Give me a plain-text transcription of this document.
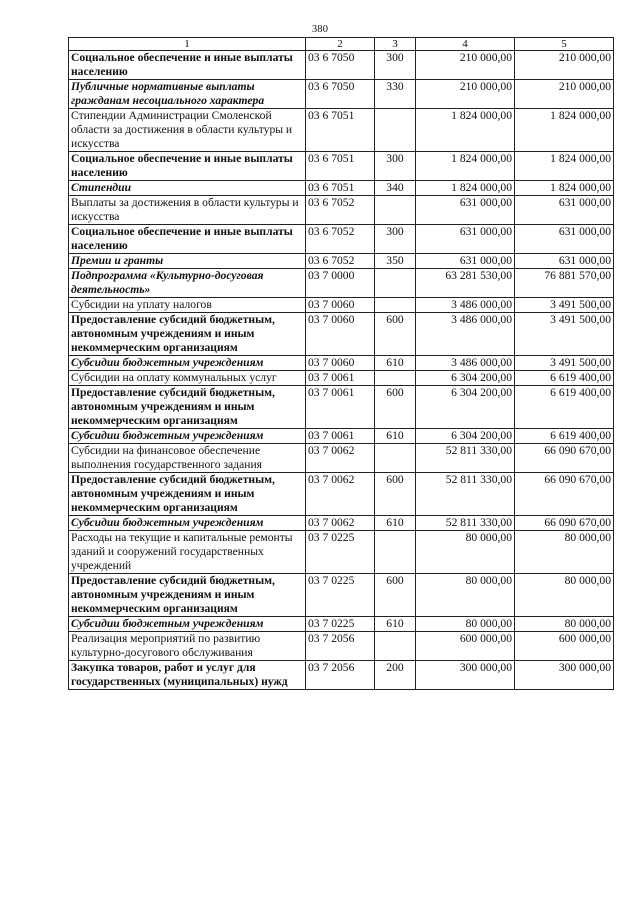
380
1	2	3	4	5
Социальное обеспечение и иные выплаты населению	03 6 7050	300	210 000,00	210 000,00
Публичные нормативные выплаты гражданам несоциального характера	03 6 7050	330	210 000,00	210 000,00
Стипендии Администрации Смоленской области за достижения в области культуры и искусства	03 6 7051		1 824 000,00	1 824 000,00
Социальное обеспечение и иные выплаты населению	03 6 7051	300	1 824 000,00	1 824 000,00
Стипендии	03 6 7051	340	1 824 000,00	1 824 000,00
Выплаты за достижения в области культуры и искусства	03 6 7052		631 000,00	631 000,00
Социальное обеспечение и иные выплаты населению	03 6 7052	300	631 000,00	631 000,00
Премии и гранты	03 6 7052	350	631 000,00	631 000,00
Подпрограмма «Культурно-досуговая деятельность»	03 7 0000		63 281 530,00	76 881 570,00
Субсидии на уплату налогов	03 7 0060		3 486 000,00	3 491 500,00
Предоставление субсидий бюджетным, автономным учреждениям и иным некоммерческим организациям	03 7 0060	600	3 486 000,00	3 491 500,00
Субсидии бюджетным учреждениям	03 7 0060	610	3 486 000,00	3 491 500,00
Субсидии на оплату коммунальных услуг	03 7 0061		6 304 200,00	6 619 400,00
Предоставление субсидий бюджетным, автономным учреждениям и иным некоммерческим организациям	03 7 0061	600	6 304 200,00	6 619 400,00
Субсидии бюджетным учреждениям	03 7 0061	610	6 304 200,00	6 619 400,00
Субсидии на финансовое обеспечение выполнения государственного задания	03 7 0062		52 811 330,00	66 090 670,00
Предоставление субсидий бюджетным, автономным учреждениям и иным некоммерческим организациям	03 7 0062	600	52 811 330,00	66 090 670,00
Субсидии бюджетным учреждениям	03 7 0062	610	52 811 330,00	66 090 670,00
Расходы на текущие и капитальные ремонты зданий и сооружений государственных учреждений	03 7 0225		80 000,00	80 000,00
Предоставление субсидий бюджетным, автономным учреждениям и иным некоммерческим организациям	03 7 0225	600	80 000,00	80 000,00
Субсидии бюджетным учреждениям	03 7 0225	610	80 000,00	80 000,00
Реализация мероприятий по развитию культурно-досугового обслуживания	03 7 2056		600 000,00	600 000,00
Закупка товаров, работ и услуг для государственных (муниципальных) нужд	03 7 2056	200	300 000,00	300 000,00
